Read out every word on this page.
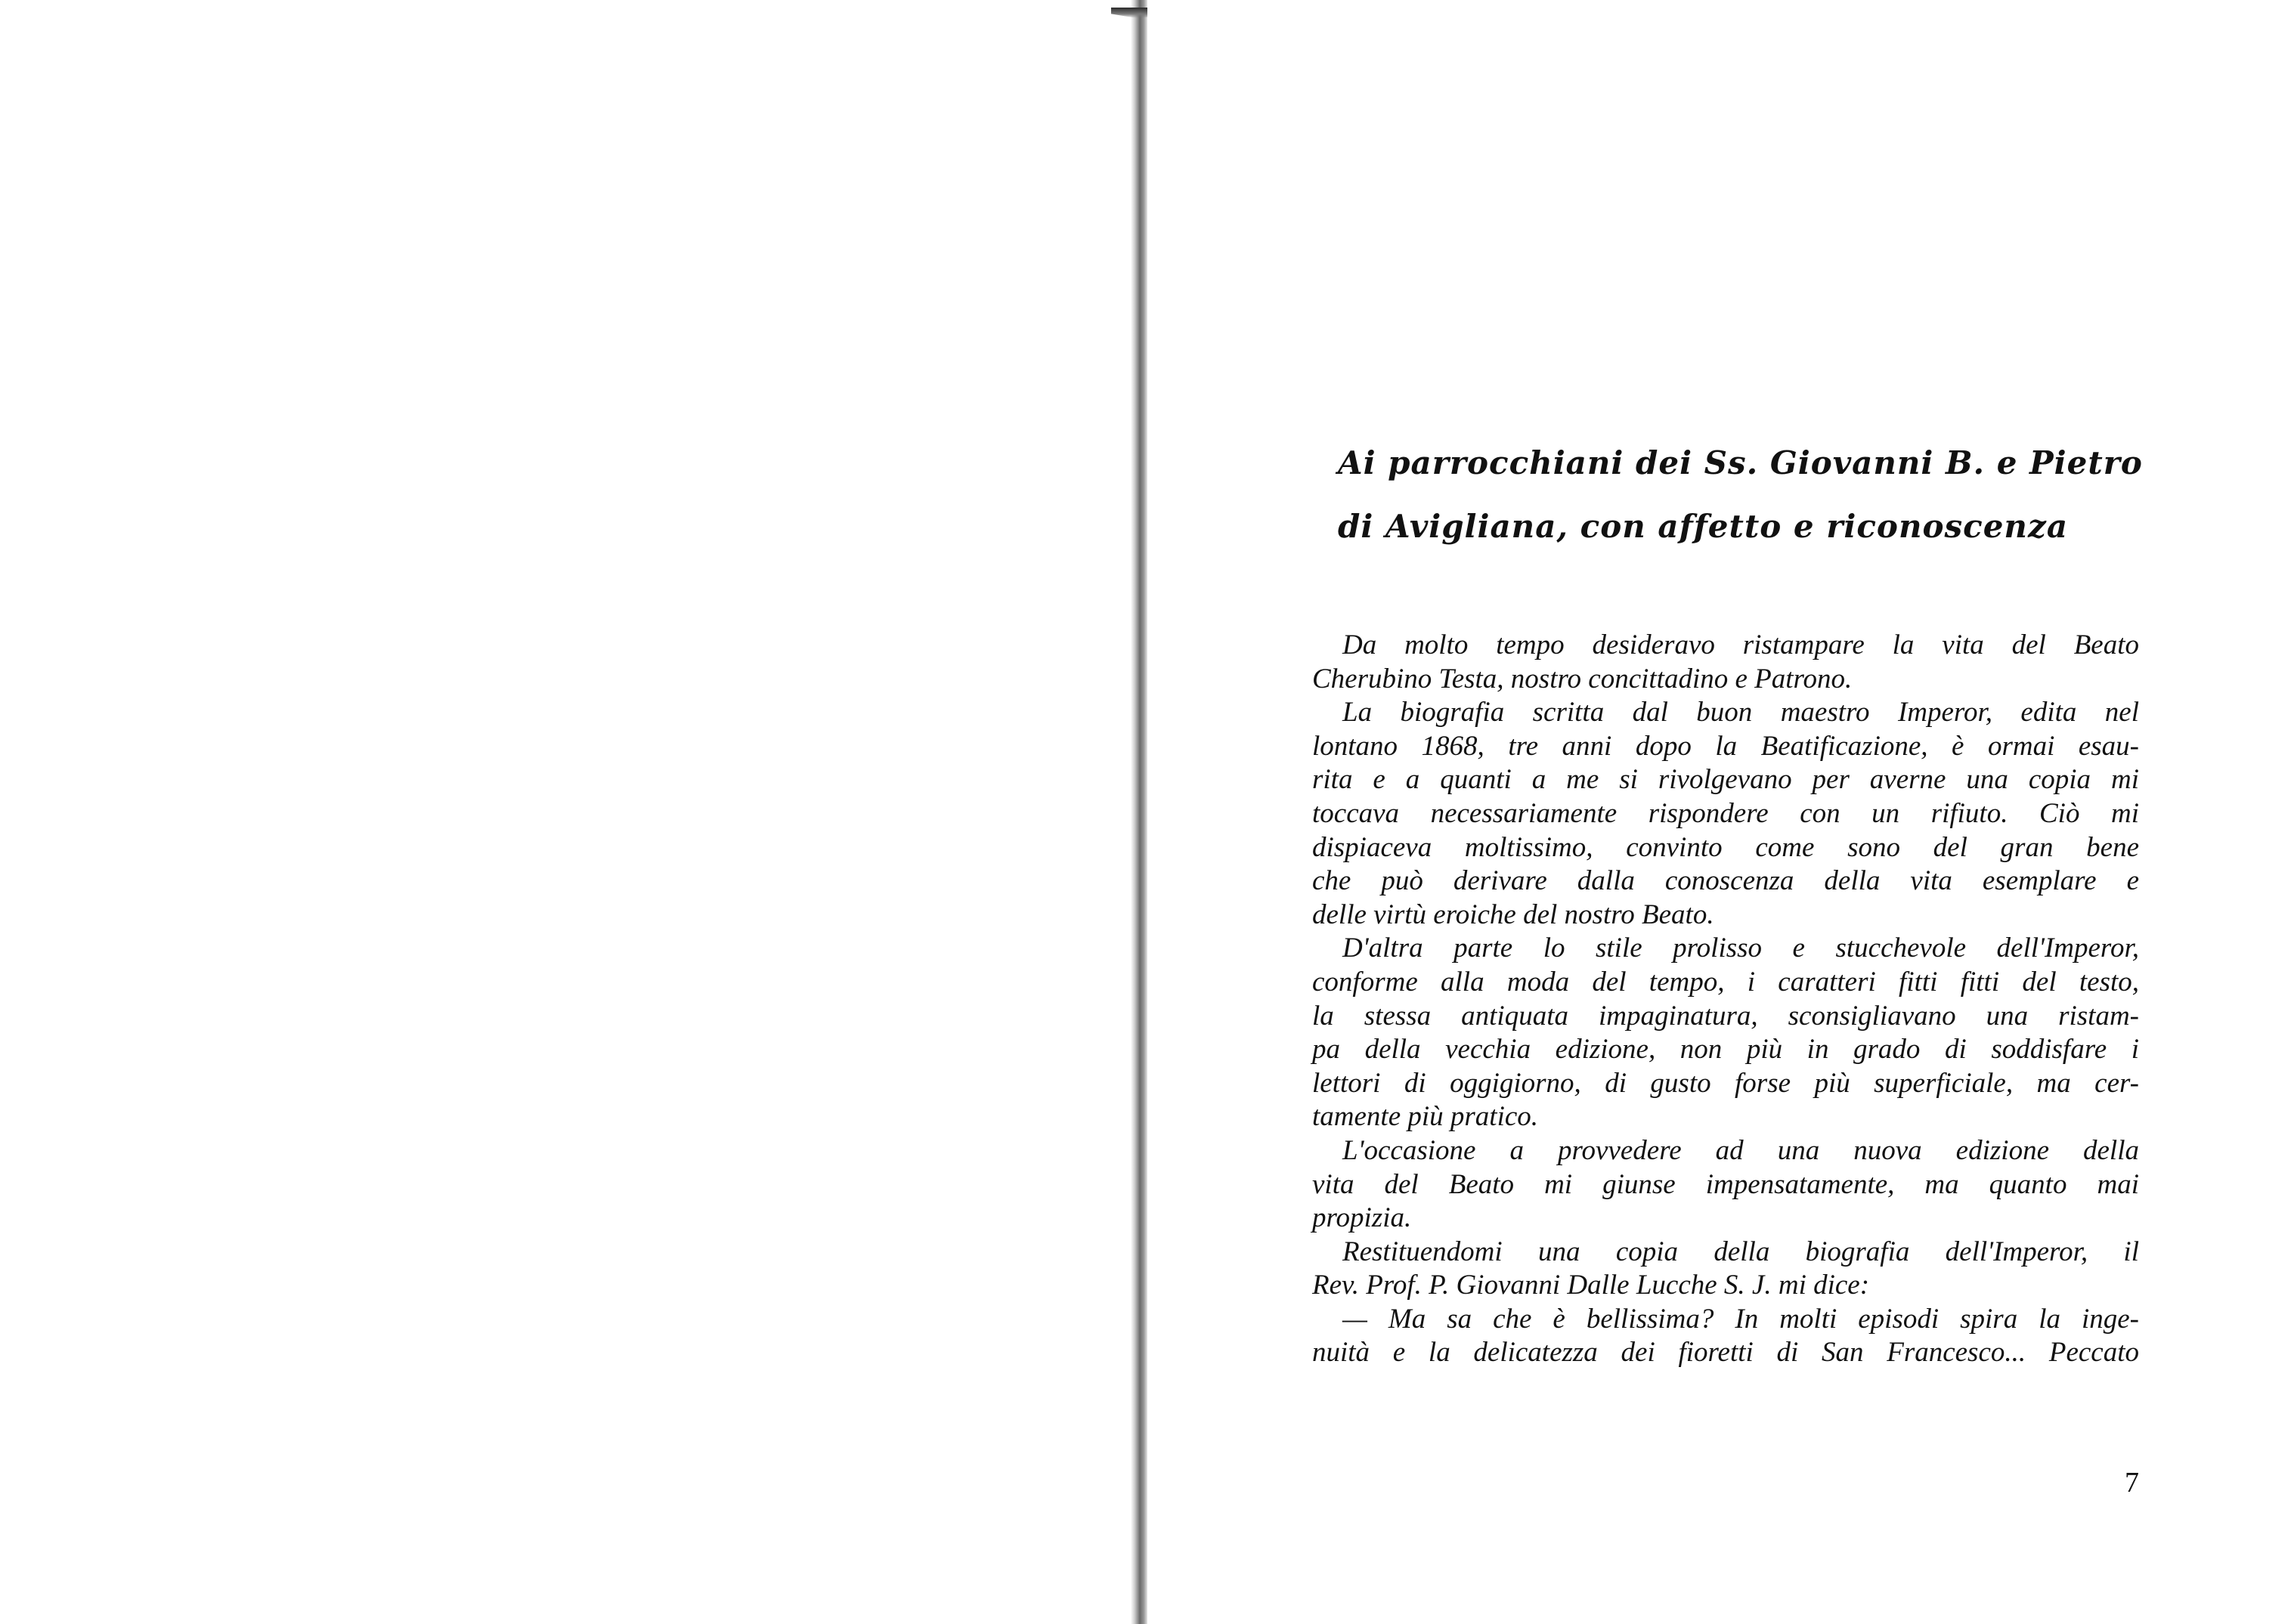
Ai parrocchiani dei Ss. Giovanni B. e Pietro
di Avigliana, con affetto e riconoscenza
Da molto tempo desideravo ristampare la vita del Beato
Cherubino Testa, nostro concittadino e Patrono.
La biografia scritta dal buon maestro Imperor, edita nel
lontano 1868, tre anni dopo la Beatificazione, è ormai esau-
rita e a quanti a me si rivolgevano per averne una copia mi
toccava necessariamente rispondere con un rifiuto. Ciò mi
dispiaceva moltissimo, convinto come sono del gran bene
che può derivare dalla conoscenza della vita esemplare e
delle virtù eroiche del nostro Beato.
D'altra parte lo stile prolisso e stucchevole dell'Imperor,
conforme alla moda del tempo, i caratteri fitti fitti del testo,
la stessa antiquata impaginatura, sconsigliavano una ristam-
pa della vecchia edizione, non più in grado di soddisfare i
lettori di oggigiorno, di gusto forse più superficiale, ma cer-
tamente più pratico.
L'occasione a provvedere ad una nuova edizione della
vita del Beato mi giunse impensatamente, ma quanto mai
propizia.
Restituendomi una copia della biografia dell'Imperor, il
Rev. Prof. P. Giovanni Dalle Lucche S. J. mi dice:
— Ma sa che è bellissima? In molti episodi spira la inge-
nuità e la delicatezza dei fioretti di San Francesco... Peccato
7
